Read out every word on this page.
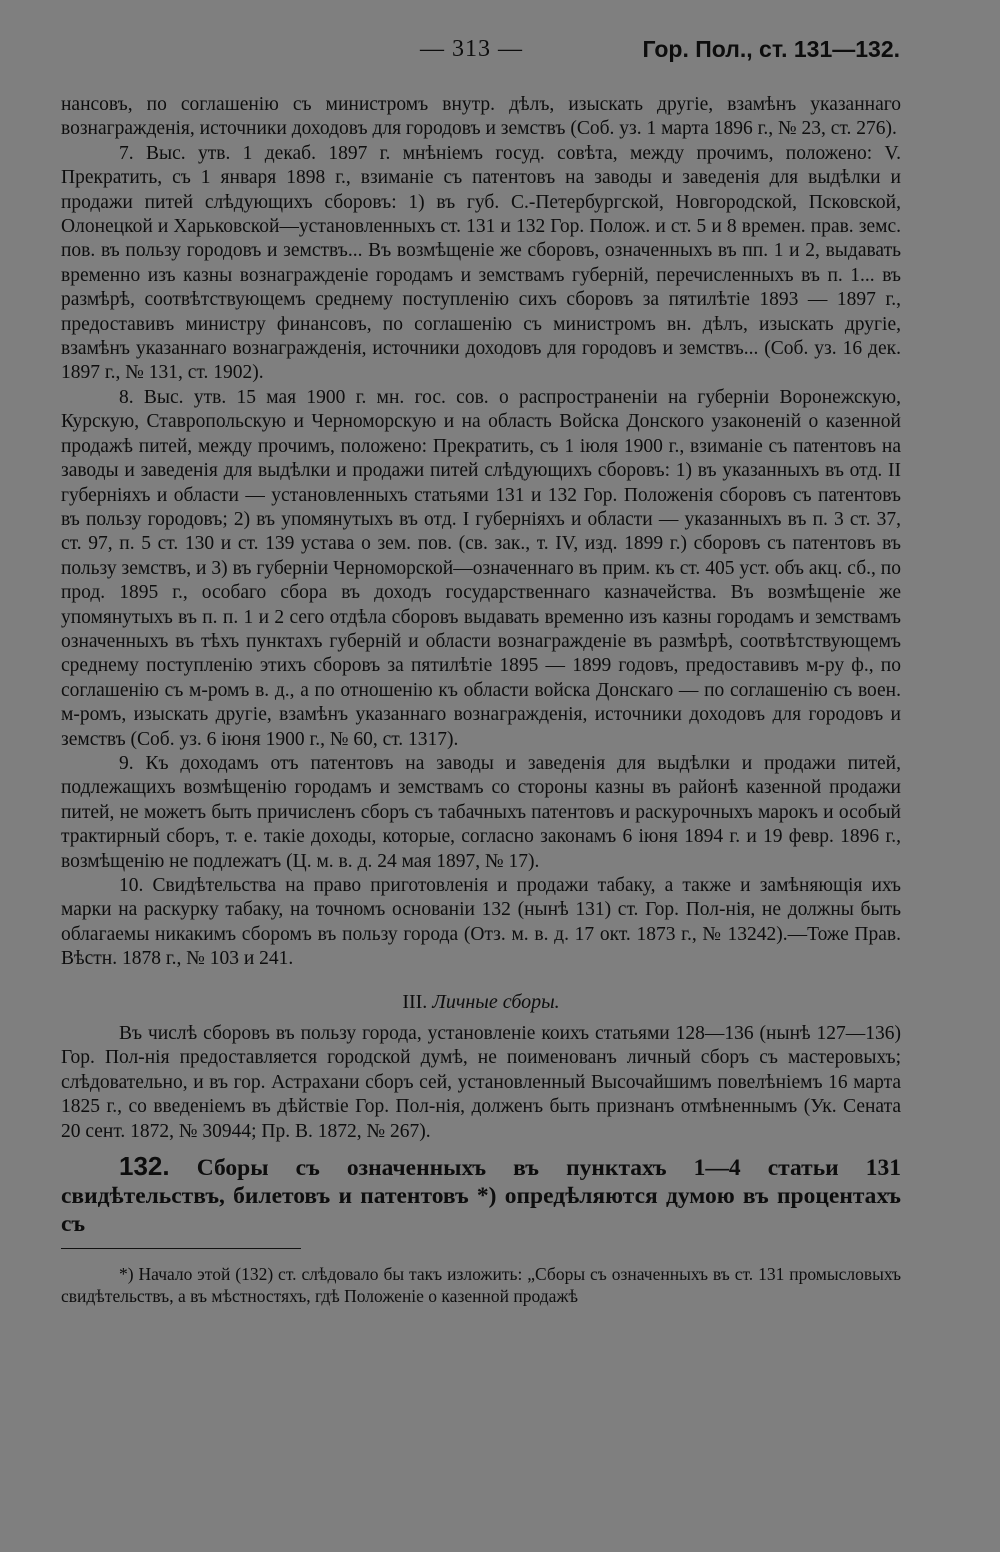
— 313 —	Гор. Пол., ст. 131—132.

нансовъ, по соглашенію съ министромъ внутр. дѣлъ, изыскать другіе, взамѣнъ указаннаго вознагражденія, источники доходовъ для городовъ и земствъ (Соб. уз. 1 марта 1896 г., № 23, ст. 276).

7. Выс. утв. 1 декаб. 1897 г. мнѣніемъ госуд. совѣта, между прочимъ, положено: V. Прекратить, съ 1 января 1898 г., взиманіе съ патентовъ на заводы и заведенія для выдѣлки и продажи питей слѣдующихъ сборовъ: 1) въ губ. С.-Петербургской, Новгородской, Псковской, Олонецкой и Харьковской—установленныхъ ст. 131 и 132 Гор. Полож. и ст. 5 и 8 времен. прав. земс. пов. въ пользу городовъ и земствъ... Въ возмѣщеніе же сборовъ, означенныхъ въ пп. 1 и 2, выдавать временно изъ казны вознагражденіе городамъ и земствамъ губерній, перечисленныхъ въ п. 1... въ размѣрѣ, соотвѣтствующемъ среднему поступленію сихъ сборовъ за пятилѣтіе 1893 — 1897 г., предоставивъ министру финансовъ, по соглашенію съ министромъ вн. дѣлъ, изыскать другіе, взамѣнъ указаннаго вознагражденія, источники доходовъ для городовъ и земствъ... (Соб. уз. 16 дек. 1897 г., № 131, ст. 1902).

8. Выс. утв. 15 мая 1900 г. мн. гос. сов. о распространеніи на губерніи Воронежскую, Курскую, Ставропольскую и Черноморскую и на область Войска Донского узаконеній о казенной продажѣ питей, между прочимъ, положено: Прекратить, съ 1 іюля 1900 г., взиманіе съ патентовъ на заводы и заведенія для выдѣлки и продажи питей слѣдующихъ сборовъ: 1) въ указанныхъ въ отд. II губерніяхъ и области — установленныхъ статьями 131 и 132 Гор. Положенія сборовъ съ патентовъ въ пользу городовъ; 2) въ упомянутыхъ въ отд. I губерніяхъ и области — указанныхъ въ п. 3 ст. 37, ст. 97, п. 5 ст. 130 и ст. 139 устава о зем. пов. (св. зак., т. IV, изд. 1899 г.) сборовъ съ патентовъ въ пользу земствъ, и 3) въ губерніи Черноморской—означеннаго въ прим. къ ст. 405 уст. объ акц. сб., по прод. 1895 г., особаго сбора въ доходъ государственнаго казначейства. Въ возмѣщеніе же упомянутыхъ въ п. п. 1 и 2 сего отдѣла сборовъ выдавать временно изъ казны городамъ и земствамъ означенныхъ въ тѣхъ пунктахъ губерній и области вознагражденіе въ размѣрѣ, соотвѣтствующемъ среднему поступленію этихъ сборовъ за пятилѣтіе 1895 — 1899 годовъ, предоставивъ м-ру ф., по соглашенію съ м-ромъ в. д., а по отношенію къ области войска Донскаго — по соглашенію съ воен. м-ромъ, изыскать другіе, взамѣнъ указаннаго вознагражденія, источники доходовъ для городовъ и земствъ (Соб. уз. 6 іюня 1900 г., № 60, ст. 1317).

9. Къ доходамъ отъ патентовъ на заводы и заведенія для выдѣлки и продажи питей, подлежащихъ возмѣщенію городамъ и земствамъ со стороны казны въ районѣ казенной продажи питей, не можетъ быть причисленъ сборъ съ табачныхъ патентовъ и раскурочныхъ марокъ и особый трактирный сборъ, т. е. такіе доходы, которые, согласно законамъ 6 іюня 1894 г. и 19 февр. 1896 г., возмѣщенію не подлежатъ (Ц. м. в. д. 24 мая 1897, № 17).

10. Свидѣтельства на право приготовленія и продажи табаку, а также и замѣняющія ихъ марки на раскурку табаку, на точномъ основаніи 132 (нынѣ 131) ст. Гор. Пол-нія, не должны быть облагаемы никакимъ сборомъ въ пользу города (Отз. м. в. д. 17 окт. 1873 г., № 13242).—Тоже Прав. Вѣстн. 1878 г., № 103 и 241.

III. Личные сборы.

Въ числѣ сборовъ въ пользу города, установленіе коихъ статьями 128—136 (нынѣ 127—136) Гор. Пол-нія предоставляется городской думѣ, не поименованъ личный сборъ съ мастеровыхъ; слѣдовательно, и въ гор. Астрахани сборъ сей, установленный Высочайшимъ повелѣніемъ 16 марта 1825 г., со введеніемъ въ дѣйствіе Гор. Пол-нія, долженъ быть признанъ отмѣненнымъ (Ук. Сената 20 сент. 1872, № 30944; Пр. В. 1872, № 267).

132. Сборы съ означенныхъ въ пунктахъ 1—4 статьи 131 свидѣтельствъ, билетовъ и патентовъ *) опредѣляются думою въ процентахъ съ

*) Начало этой (132) ст. слѣдовало бы такъ изложить: „Сборы съ означенныхъ въ ст. 131 промысловыхъ свидѣтельствъ, а въ мѣстностяхъ, гдѣ Положеніе о казенной продажѣ
